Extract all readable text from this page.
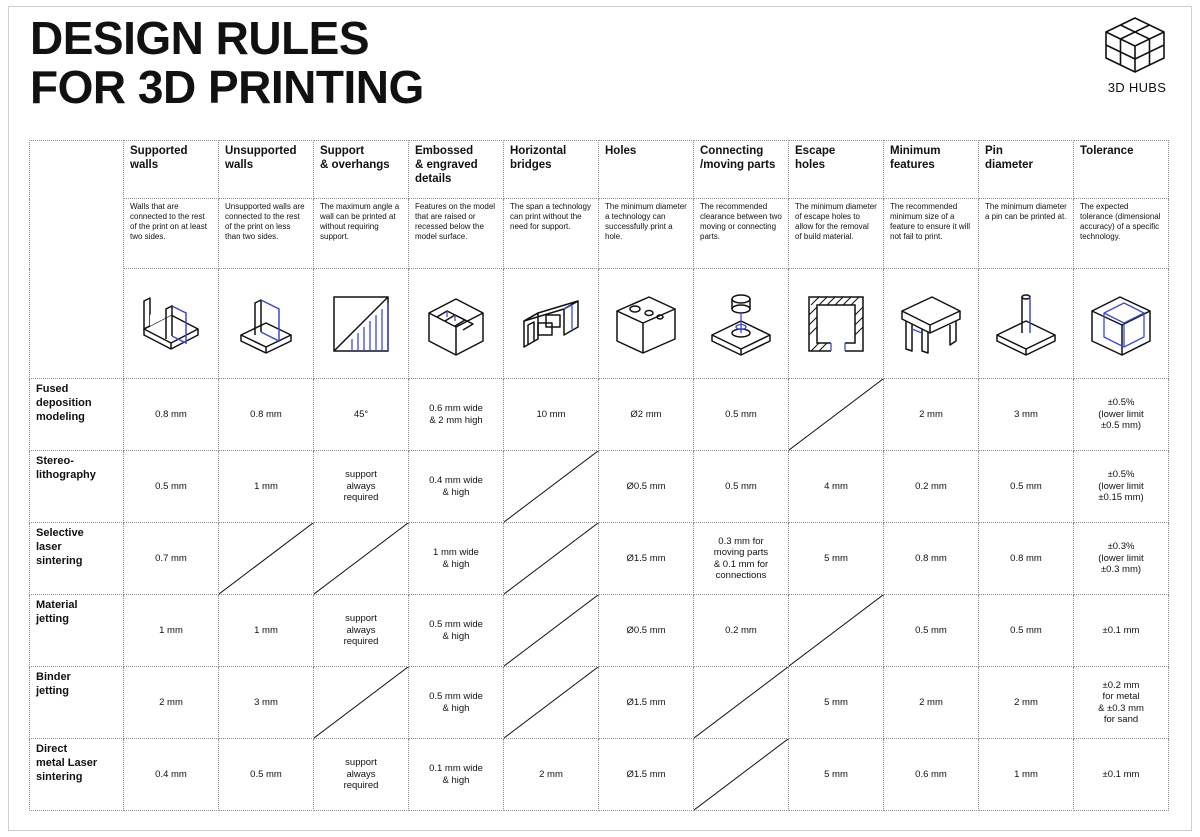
DESIGN RULES
FOR 3D PRINTING	3D HUBS
	Supported
walls	Unsupported
walls	Support
& overhangs	Embossed
& engraved
details	Horizontal
bridges	Holes	Connecting
/moving parts	Escape
holes	Minimum
features	Pin
diameter	Tolerance
	Walls that are connected to the rest of the print on at least two sides.	Unsupported walls are connected to the rest of the print on less than two sides.	The maximum angle a wall can be printed at without requiring support.	Features on the model that are raised or recessed below the model surface.	The span a technology can print without the need for support.	The minimum diameter a technology can successfully print a hole.	The recommended clearance between two moving or connecting parts.	The minimum diameter of escape holes to allow for the removal of build material.	The recommended minimum size of a feature to ensure it will not fail to print.	The minimum diameter a pin can be printed at.	The expected tolerance (dimensional accuracy) of a specific technology.

Fused
deposition
modeling	0.8 mm	0.8 mm	45°	0.6 mm wide
& 2 mm high	10 mm	Ø2 mm	0.5 mm		2 mm	3 mm	±0.5%
(lower limit
±0.5 mm)
Stereo-
lithography	0.5 mm	1 mm	support
always
required	0.4 mm wide
& high		Ø0.5 mm	0.5 mm	4 mm	0.2 mm	0.5 mm	±0.5%
(lower limit
±0.15 mm)
Selective
laser
sintering	0.7 mm			1 mm wide
& high		Ø1.5 mm	0.3 mm for
moving parts
& 0.1 mm for
connections	5 mm	0.8 mm	0.8 mm	±0.3%
(lower limit
±0.3 mm)
Material
jetting	1 mm	1 mm	support
always
required	0.5 mm wide
& high		Ø0.5 mm	0.2 mm		0.5 mm	0.5 mm	±0.1 mm
Binder
jetting	2 mm	3 mm		0.5 mm wide
& high		Ø1.5 mm		5 mm	2 mm	2 mm	±0.2 mm
for metal
& ±0.3 mm
for sand
Direct
metal Laser
sintering	0.4 mm	0.5 mm	support
always
required	0.1 mm wide
& high	2 mm	Ø1.5 mm		5 mm	0.6 mm	1 mm	±0.1 mm
